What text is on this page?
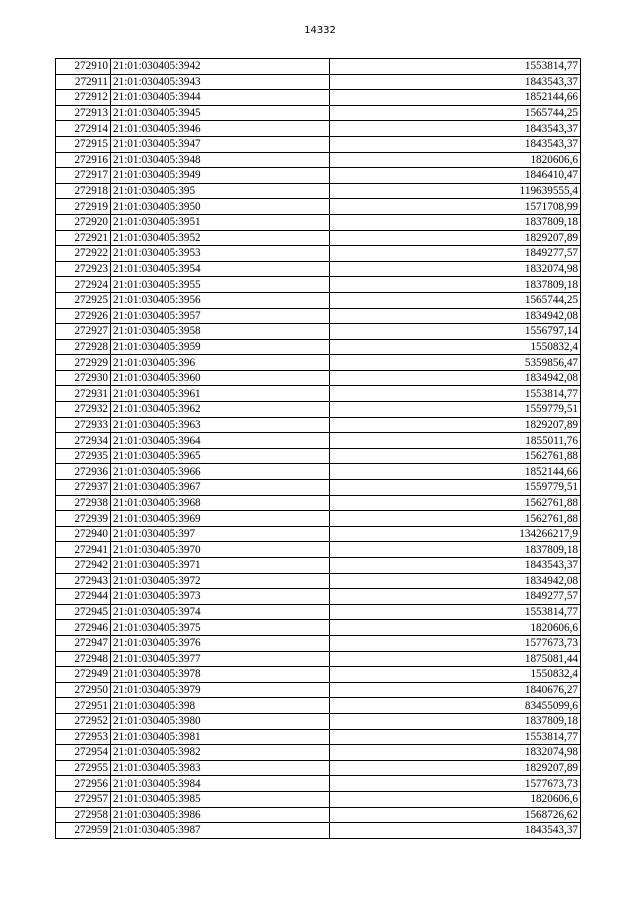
14332
272910	21:01:030405:3942	1553814,77
272911	21:01:030405:3943	1843543,37
272912	21:01:030405:3944	1852144,66
272913	21:01:030405:3945	1565744,25
272914	21:01:030405:3946	1843543,37
272915	21:01:030405:3947	1843543,37
272916	21:01:030405:3948	1820606,6
272917	21:01:030405:3949	1846410,47
272918	21:01:030405:395	119639555,4
272919	21:01:030405:3950	1571708,99
272920	21:01:030405:3951	1837809,18
272921	21:01:030405:3952	1829207,89
272922	21:01:030405:3953	1849277,57
272923	21:01:030405:3954	1832074,98
272924	21:01:030405:3955	1837809,18
272925	21:01:030405:3956	1565744,25
272926	21:01:030405:3957	1834942,08
272927	21:01:030405:3958	1556797,14
272928	21:01:030405:3959	1550832,4
272929	21:01:030405:396	5359856,47
272930	21:01:030405:3960	1834942,08
272931	21:01:030405:3961	1553814,77
272932	21:01:030405:3962	1559779,51
272933	21:01:030405:3963	1829207,89
272934	21:01:030405:3964	1855011,76
272935	21:01:030405:3965	1562761,88
272936	21:01:030405:3966	1852144,66
272937	21:01:030405:3967	1559779,51
272938	21:01:030405:3968	1562761,88
272939	21:01:030405:3969	1562761,88
272940	21:01:030405:397	134266217,9
272941	21:01:030405:3970	1837809,18
272942	21:01:030405:3971	1843543,37
272943	21:01:030405:3972	1834942,08
272944	21:01:030405:3973	1849277,57
272945	21:01:030405:3974	1553814,77
272946	21:01:030405:3975	1820606,6
272947	21:01:030405:3976	1577673,73
272948	21:01:030405:3977	1875081,44
272949	21:01:030405:3978	1550832,4
272950	21:01:030405:3979	1840676,27
272951	21:01:030405:398	83455099,6
272952	21:01:030405:3980	1837809,18
272953	21:01:030405:3981	1553814,77
272954	21:01:030405:3982	1832074,98
272955	21:01:030405:3983	1829207,89
272956	21:01:030405:3984	1577673,73
272957	21:01:030405:3985	1820606,6
272958	21:01:030405:3986	1568726,62
272959	21:01:030405:3987	1843543,37
